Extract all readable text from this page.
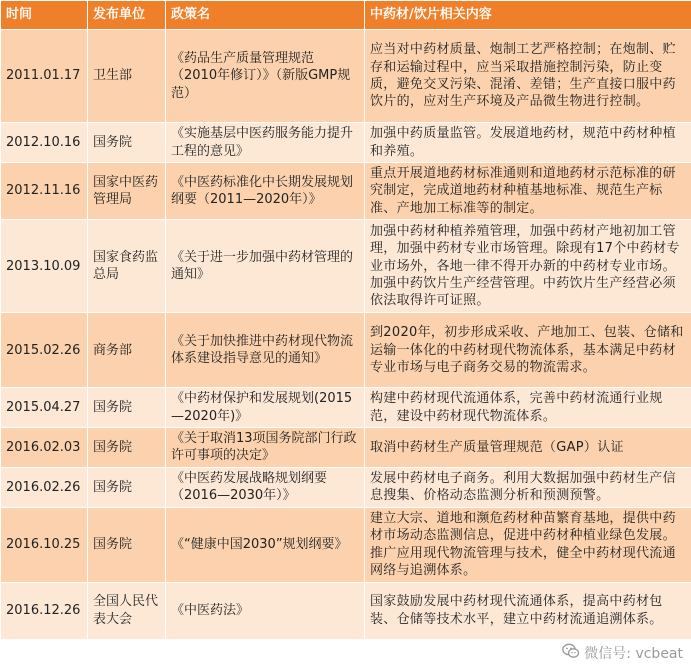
时间	发布单位	政策名	中药材/饮片相关内容
2011.01.17	卫生部	《药品生产质量管理规范（2010年修订）》（新版GMP规范）	应当对中药材质量、炮制工艺严格控制；在炮制、贮存和运输过程中，应当采取措施控制污染，防止变质，避免交叉污染、混淆、差错；生产直接口服中药饮片的，应对生产环境及产品微生物进行控制。
2012.10.16	国务院	《实施基层中医药服务能力提升工程的意见》	加强中药质量监管。发展道地药材，规范中药材种植和养殖。
2012.11.16	国家中医药管理局	《中医药标准化中长期发展规划纲要（2011—2020年）》	重点开展道地药材标准通则和道地药材示范标准的研究制定，完成道地药材种植基地标准、规范生产标准、产地加工标准等的制定。
2013.10.09	国家食药监总局	《关于进一步加强中药材管理的通知》	加强中药材种植养殖管理，加强中药材产地初加工管理，加强中药材专业市场管理。除现有17个中药材专业市场外，各地一律不得开办新的中药材专业市场。加强中药饮片生产经营管理。中药饮片生产经营必须依法取得许可证照。
2015.02.26	商务部	《关于加快推进中药材现代物流体系建设指导意见的通知》	到2020年，初步形成采收、产地加工、包装、仓储和运输一体化的中药材现代物流体系，基本满足中药材专业市场与电子商务交易的物流需求。
2015.04.27	国务院	《中药材保护和发展规划(2015—2020年)》	构建中药材现代流通体系，完善中药材流通行业规范，建设中药材现代物流体系。
2016.02.03	国务院	《关于取消13项国务院部门行政许可事项的决定》	取消中药材生产质量管理规范（GAP）认证
2016.02.26	国务院	《中医药发展战略规划纲要（2016—2030年）》	发展中药材电子商务。利用大数据加强中药材生产信息搜集、价格动态监测分析和预测预警。
2016.10.25	国务院	《“健康中国2030”规划纲要》	建立大宗、道地和濒危药材种苗繁育基地，提供中药材市场动态监测信息，促进中药材种植业绿色发展。推广应用现代物流管理与技术，健全中药材现代流通网络与追溯体系。
2016.12.26	全国人民代表大会	《中医药法》	国家鼓励发展中药材现代流通体系，提高中药材包装、仓储等技术水平，建立中药材流通追溯体系。
微信号: vcbeat
